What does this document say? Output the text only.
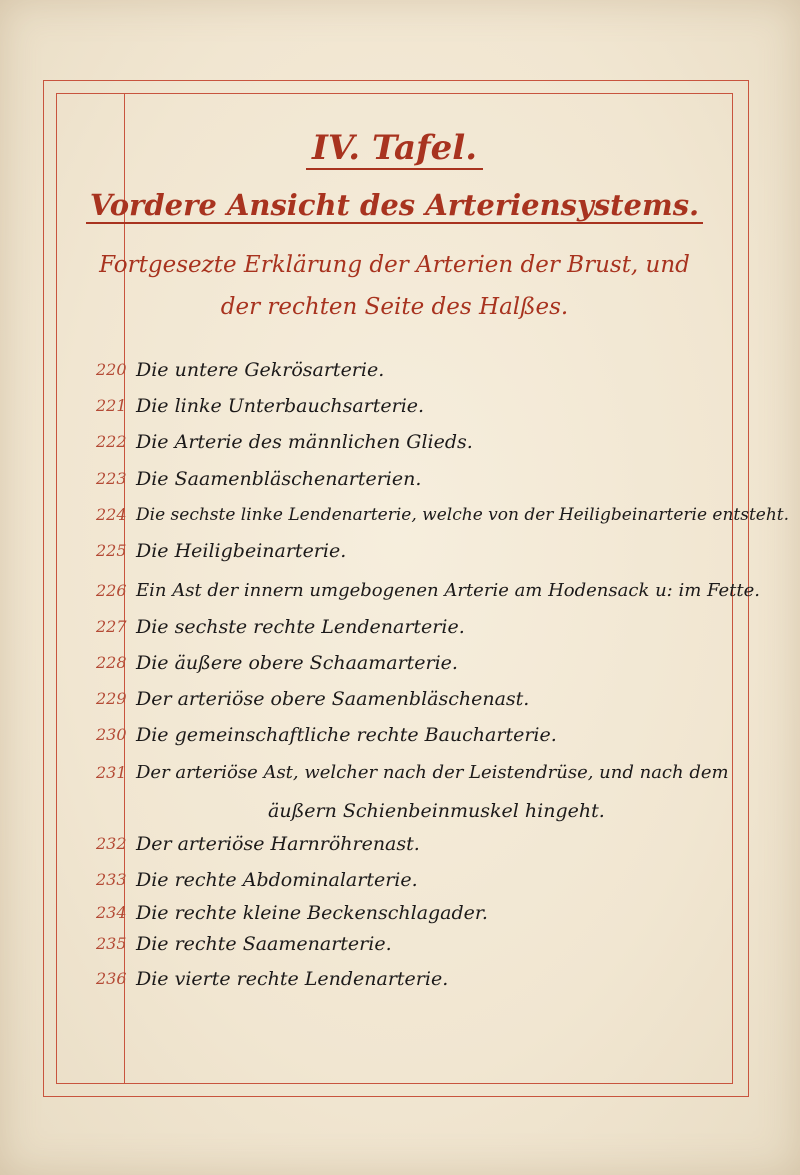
IV. Tafel.
Vordere Ansicht des Arteriensystems.
Fortgesezte Erklärung der Arterien der Brust, und
der rechten Seite des Halßes.
220 Die untere Gekrösarterie.
221 Die linke Unterbauchsarterie.
222 Die Arterie des männlichen Glieds.
223 Die Saamenbläschenarterien.
224 Die sechste linke Lendenarterie, welche von der Heiligbeinarterie entsteht.
225 Die Heiligbeinarterie.
226 Ein Ast der innern umgebogenen Arterie am Hodensack u: im Fette.
227 Die sechste rechte Lendenarterie.
228 Die äußere obere Schaamarterie.
229 Der arteriöse obere Saamenbläschenast.
230 Die gemeinschaftliche rechte Baucharterie.
231 Der arteriöse Ast, welcher nach der Leistendrüse, und nach dem
äußern Schienbeinmuskel hingeht.
232 Der arteriöse Harnröhrenast.
233 Die rechte Abdominalarterie.
234 Die rechte kleine Beckenschlagader.
235 Die rechte Saamenarterie.
236 Die vierte rechte Lendenarterie.
